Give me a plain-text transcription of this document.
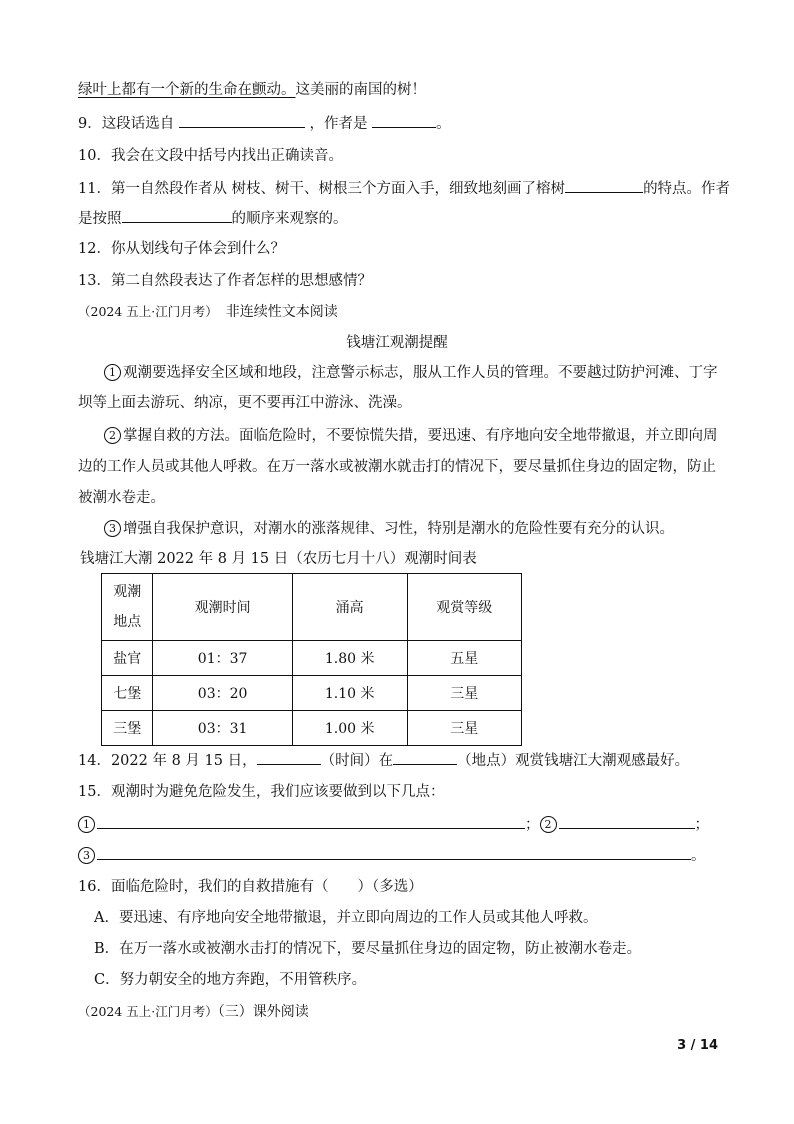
绿叶上都有一个新的生命在颤动。这美丽的南国的树！
9．这段话选自	，作者是	。
10．我会在文段中括号内找出正确读音。
11．第一自然段作者从 树枝、树干、树根三个方面入手，细致地刻画了榕树	的特点。作者
是按照	的顺序来观察的。
12．你从划线句子体会到什么？
13．第二自然段表达了作者怎样的思想感情？
（2024 五上·江门月考） 非连续性文本阅读
钱塘江观潮提醒
1 观潮要选择安全区域和地段，注意警示标志，服从工作人员的管理。不要越过防护河滩、丁字
坝等上面去游玩、纳凉，更不要再江中游泳、洗澡。
2 掌握自救的方法。面临危险时，不要惊慌失措，要迅速、有序地向安全地带撤退，并立即向周
边的工作人员或其他人呼救。在万一落水或被潮水就击打的情况下，要尽量抓住身边的固定物，防止
被潮水卷走。
3 增强自我保护意识，对潮水的涨落规律、习性，特别是潮水的危险性要有充分的认识。
钱塘江大潮 2022 年 8 月 15 日（农历七月十八）观潮时间表
观潮
地点	观潮时间	涌高	观赏等级
盐官	01：37	1.80 米	五星
七堡	03：20	1.10 米	三星
三堡	03：31	1.00 米	三星
14．2022 年 8 月 15 日，	（时间）在	（地点）观赏钱塘江大潮观感最好。
15．观潮时为避免危险发生，我们应该要做到以下几点：
1	； 2	；
3	。
16．面临危险时，我们的自救措施有（　　）（多选）
A．要迅速、有序地向安全地带撤退，并立即向周边的工作人员或其他人呼救。
B．在万一落水或被潮水击打的情况下，要尽量抓住身边的固定物，防止被潮水卷走。
C．努力朝安全的地方奔跑，不用管秩序。
（2024 五上·江门月考）（三）课外阅读
3 / 14
